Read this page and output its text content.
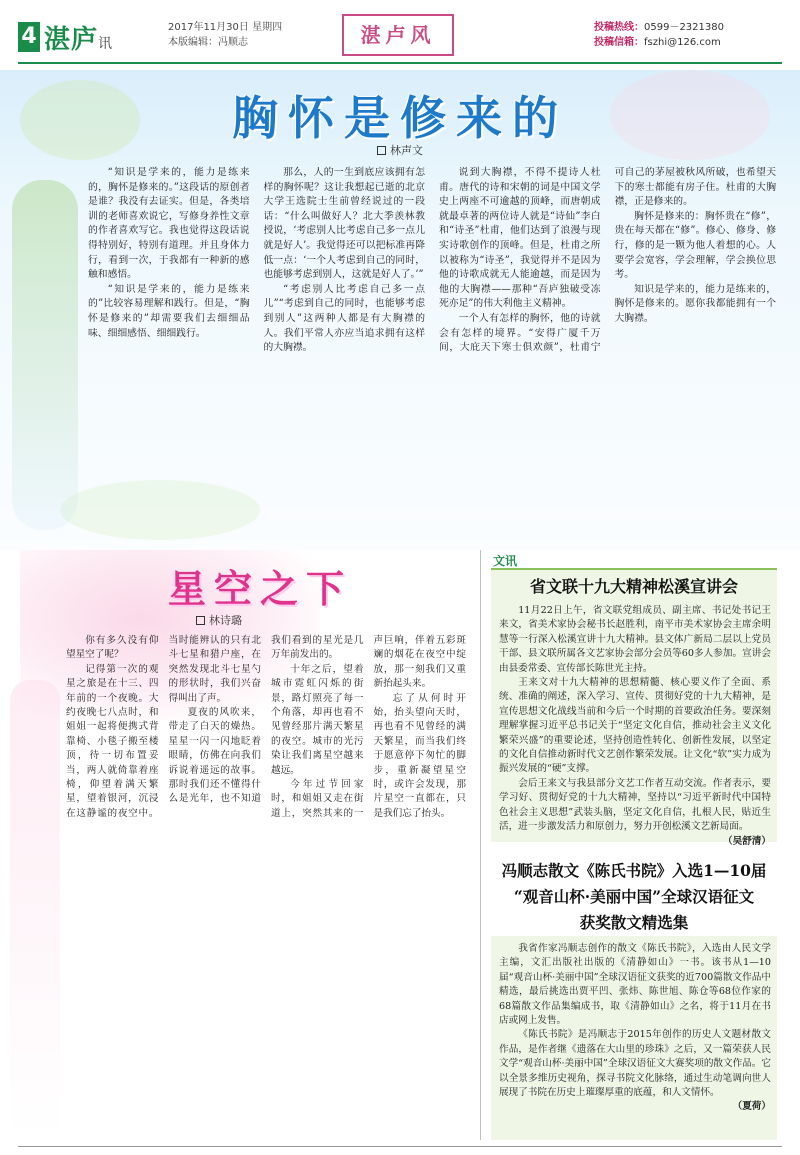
4 湛庐讯
2017年11月30日 星期四
本版编辑：冯顺志	湛卢风	投稿热线：0599－2321380
投稿信箱：fszhi@126.com
胸怀是修来的
林声文

“知识是学来的，能力是练来的，胸怀是修来的。”这段话的原创者是谁？我没有去证实。但是，各类培训的老师喜欢说它，写修身养性文章的作者喜欢写它。我也觉得这段话说得特别好，特别有道理。并且身体力行，看到一次，于我都有一种新的感触和感悟。

“知识是学来的，能力是练来的”比较容易理解和践行。但是，“胸怀是修来的”却需要我们去细细品味、细细感悟、细细践行。

那么，人的一生到底应该拥有怎样的胸怀呢？这让我想起已逝的北京大学王选院士生前曾经说过的一段话：“什么叫做好人？北大季羡林教授说，‘考虑别人比考虑自己多一点儿就是好人’。我觉得还可以把标准再降低一点：‘一个人考虑到自己的同时，也能够考虑到别人，这就是好人了。’”

“考虑别人比考虑自己多一点儿”“考虑到自己的同时，也能够考虑到别人”这两种人都是有大胸襟的人。我们平常人亦应当追求拥有这样的大胸襟。

说到大胸襟，不得不提诗人杜甫。唐代的诗和宋朝的词是中国文学史上两座不可逾越的顶峰，而唐朝成就最卓著的两位诗人就是“诗仙”李白和“诗圣”杜甫，他们达到了浪漫与现实诗歌创作的顶峰。但是，杜甫之所以被称为“诗圣”，我觉得并不是因为他的诗歌成就无人能逾越，而是因为他的大胸襟——那种“吾庐独破受冻死亦足”的伟大利他主义精神。

一个人有怎样的胸怀，他的诗就会有怎样的境界。“安得广厦千万间，大庇天下寒士俱欢颜”，杜甫宁可自己的茅屋被秋风所破，也希望天下的寒士都能有房子住。杜甫的大胸襟，正是修来的。

胸怀是修来的：胸怀贵在“修”，贵在每天都在“修”。修心、修身、修行，修的是一颗为他人着想的心。人要学会宽容，学会理解，学会换位思考。

知识是学来的，能力是练来的，胸怀是修来的。愿你我都能拥有一个大胸襟。

星空之下
林诗璐

你有多久没有仰望星空了呢？

记得第一次的观星之旅是在十三、四年前的一个夜晚。大约夜晚七八点时，和姐姐一起将便携式背靠椅、小毯子搬至楼顶，待一切布置妥当，两人就倚靠着座椅，仰望着满天繁星，望着银河，沉浸在这静谧的夜空中。当时能辨认的只有北斗七星和猎户座，在突然发现北斗七星勺的形状时，我们兴奋得叫出了声。

夏夜的风吹来，带走了白天的燥热。星星一闪一闪地眨着眼睛，仿佛在向我们诉说着遥远的故事。那时我们还不懂得什么是光年，也不知道我们看到的星光是几万年前发出的。

十年之后，望着城市霓虹闪烁的街景，路灯照亮了每一个角落，却再也看不见曾经那片满天繁星的夜空。城市的光污染让我们离星空越来越远。

今年过节回家时，和姐姐又走在街道上，突然其来的一声巨响，伴着五彩斑斓的烟花在夜空中绽放，那一刻我们又重新抬起头来。

忘了从何时开始，抬头望向天时，再也看不见曾经的满天繁星，而当我们终于愿意停下匆忙的脚步，重新凝望星空时，或许会发现，那片星空一直都在，只是我们忘了抬头。

文讯
省文联十九大精神松溪宣讲会

11月22日上午，省文联党组成员、副主席、书记处书记王来文，省美术家协会秘书长赵胜利，南平市美术家协会主席余明慧等一行深入松溪宣讲十九大精神。县文体广新局二层以上党员干部、县文联所属各文艺家协会部分会员等60多人参加。宣讲会由县委常委、宣传部长陈世光主持。

王来文对十九大精神的思想精髓、核心要义作了全面、系统、准确的阐述，深入学习、宣传、贯彻好党的十九大精神，是宣传思想文化战线当前和今后一个时期的首要政治任务。要深刻理解掌握习近平总书记关于“坚定文化自信，推动社会主义文化繁荣兴盛”的重要论述，坚持创造性转化、创新性发展，以坚定的文化自信推动新时代文艺创作繁荣发展。让文化“软”实力成为振兴发展的“硬”支撑。

会后王来文与我县部分文艺工作者互动交流。作者表示，要学习好、贯彻好党的十九大精神，坚持以“习近平新时代中国特色社会主义思想”武装头脑，坚定文化自信，扎根人民，贴近生活，进一步激发活力和原创力，努力开创松溪文艺新局面。
（吴舒清）

冯顺志散文《陈氏书院》入选1—10届
“观音山杯·美丽中国”全球汉语征文
获奖散文精选集

我省作家冯顺志创作的散文《陈氏书院》，入选由人民文学主编，文汇出版社出版的《清静如山》一书。该书从1—10届“观音山杯·美丽中国”全球汉语征文获奖的近700篇散文作品中精选，最后挑选出贾平凹、张炜、陈世旭、陈仓等68位作家的68篇散文作品集编成书，取《清静如山》之名，将于11月在书店或网上发售。

《陈氏书院》是冯顺志于2015年创作的历史人文题材散文作品，是作者继《遗落在大山里的珍珠》之后，又一篇荣获人民文学“观音山杯·美丽中国”全球汉语征文大赛奖项的散文作品。它以全景多维历史视角，探寻书院文化脉络，通过生动笔调向世人展现了书院在历史上璀璨厚重的底蕴，和人文情怀。
（夏荷）
